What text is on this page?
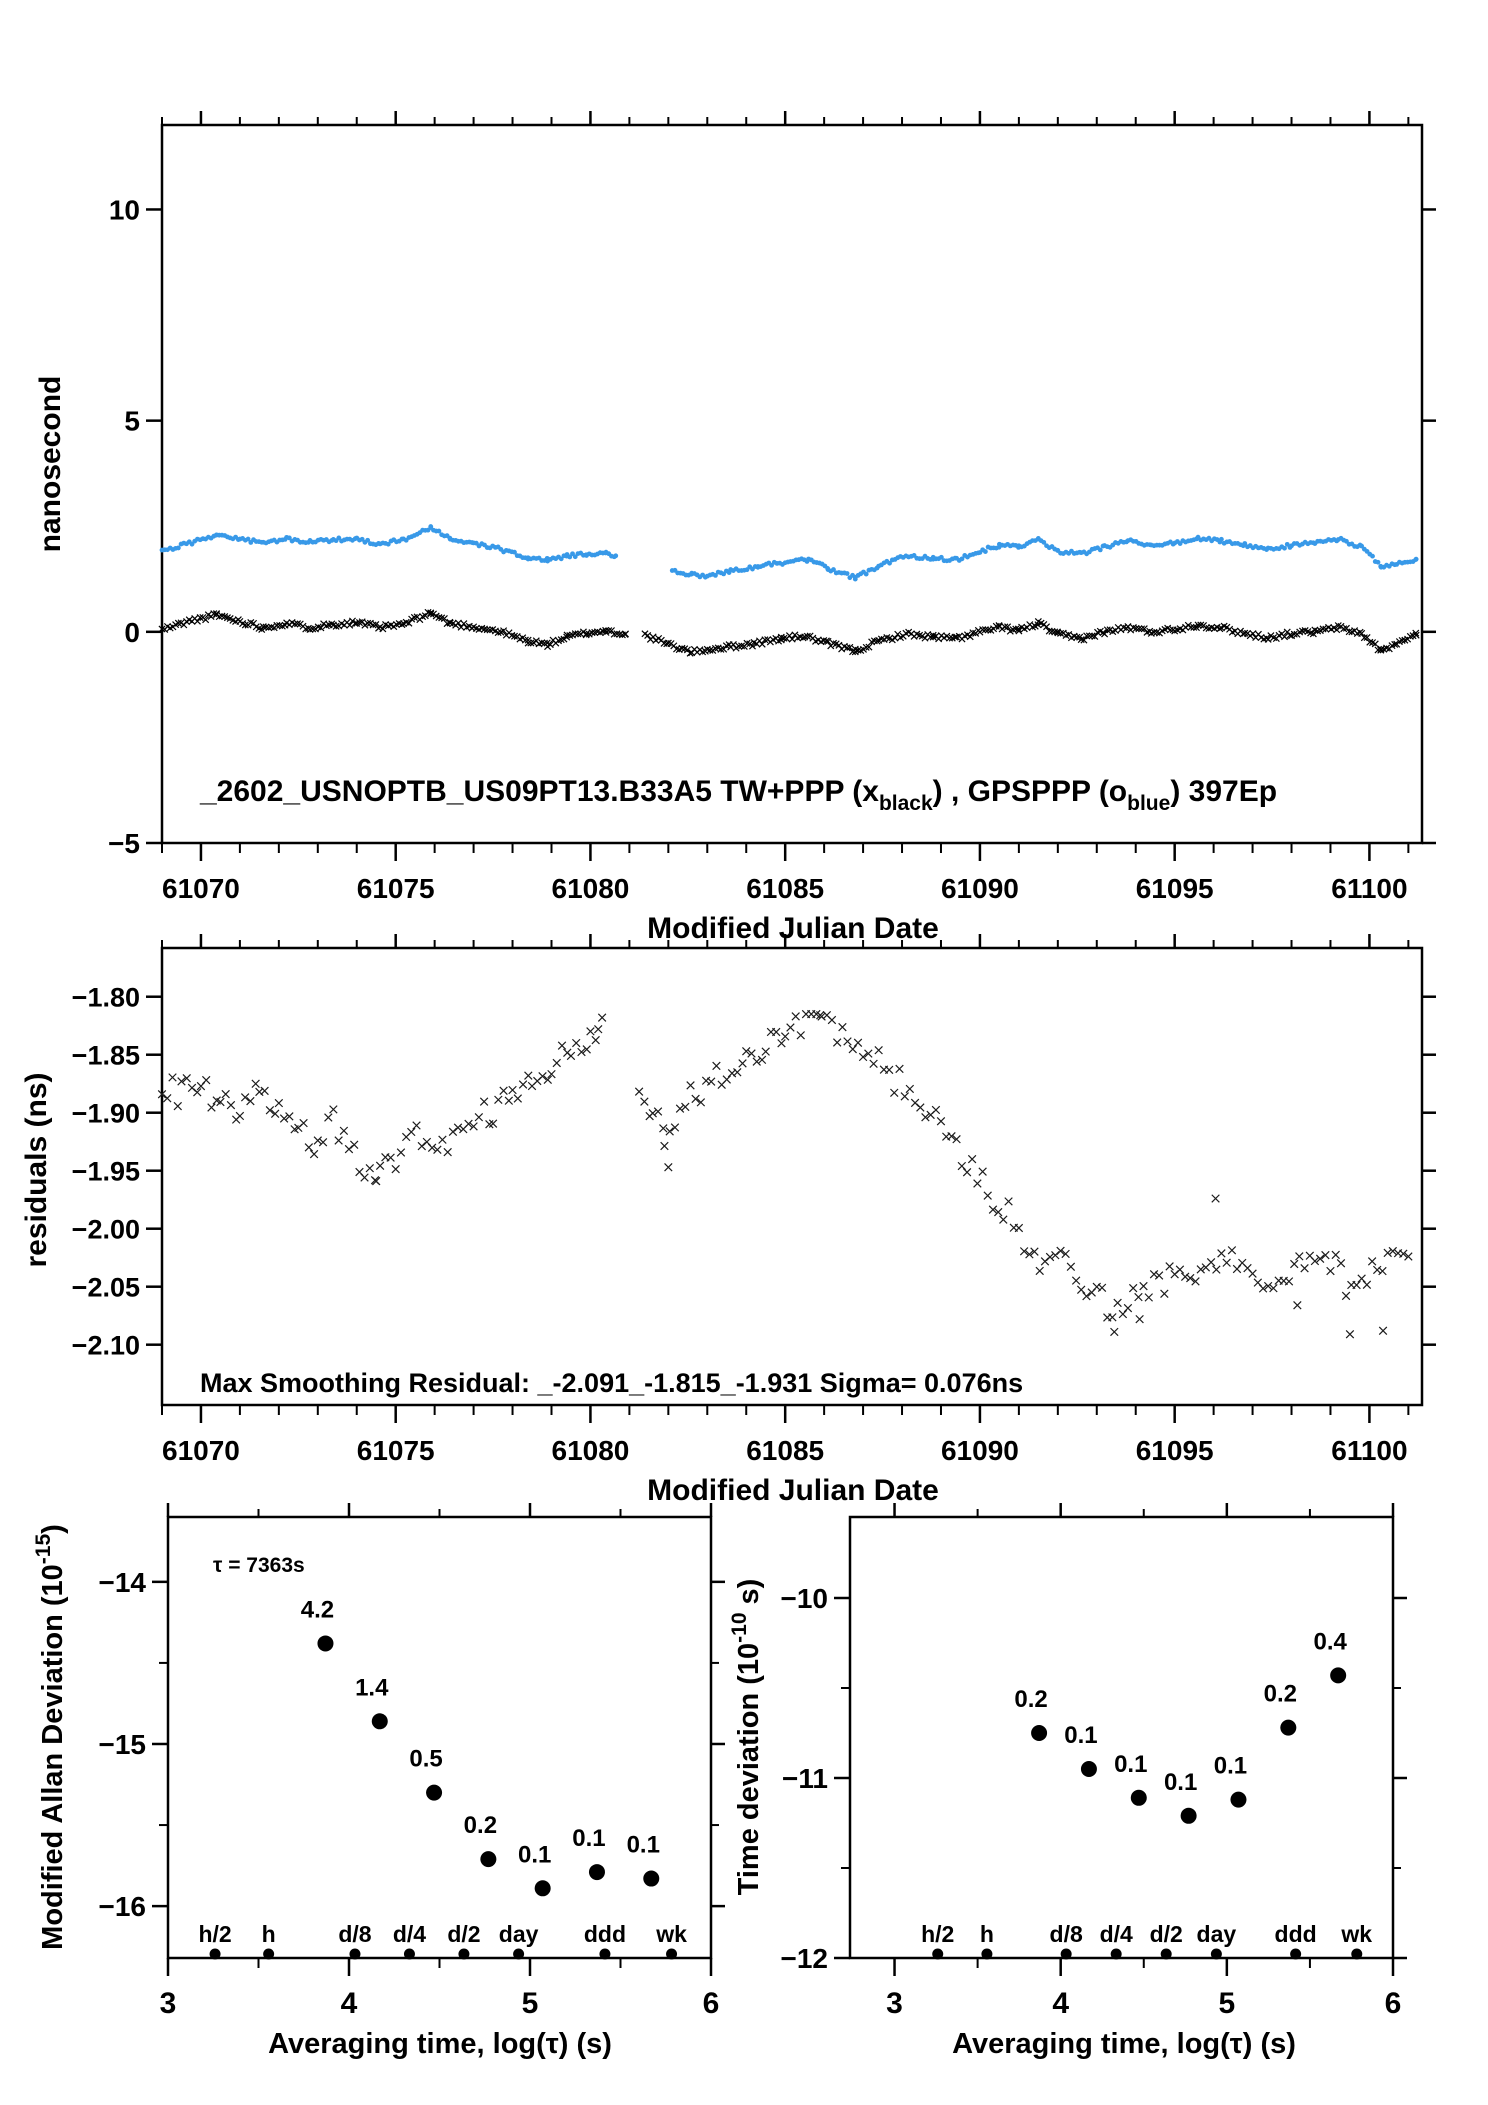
61070	61075	61080	61085	61090	61095	61100
−5
0
5
10
_2602_USNOPTB_US09PT13.B33A5 TW+PPP $(x_{black})$ , GPSPPP $(o_{blue})$ 397Ep
nanosecond
Modified Julian Date
61070	61075	61080	61085	61090	61095	61100
−1.80
−1.85
−1.90
−1.95
−2.00
−2.05
−2.10
residuals (ns)
Modified Julian Date
Max Smoothing Residual: _-2.091_-1.815_-1.931 Sigma= 0.076ns
3	4	5	6
−14
−15
−16
4.2
1.4
0.5
0.2
0.1
0.1 0.1
h/2 h	d/8 d/4 d/2 day ddd wk
τ = 7363s
Averaging time, log(τ) (s)
3	4	5	6
−10
−11
−12
0.2
0.1
0.1
0.1
0.1
0.2
0.4
h/2 h d/8 d/4 d/2 day ddd wk
Averaging time, log(τ) (s)
Modified Allan Deviation $(10^{-15})$
Time deviation ($10^{-10}$ s)
